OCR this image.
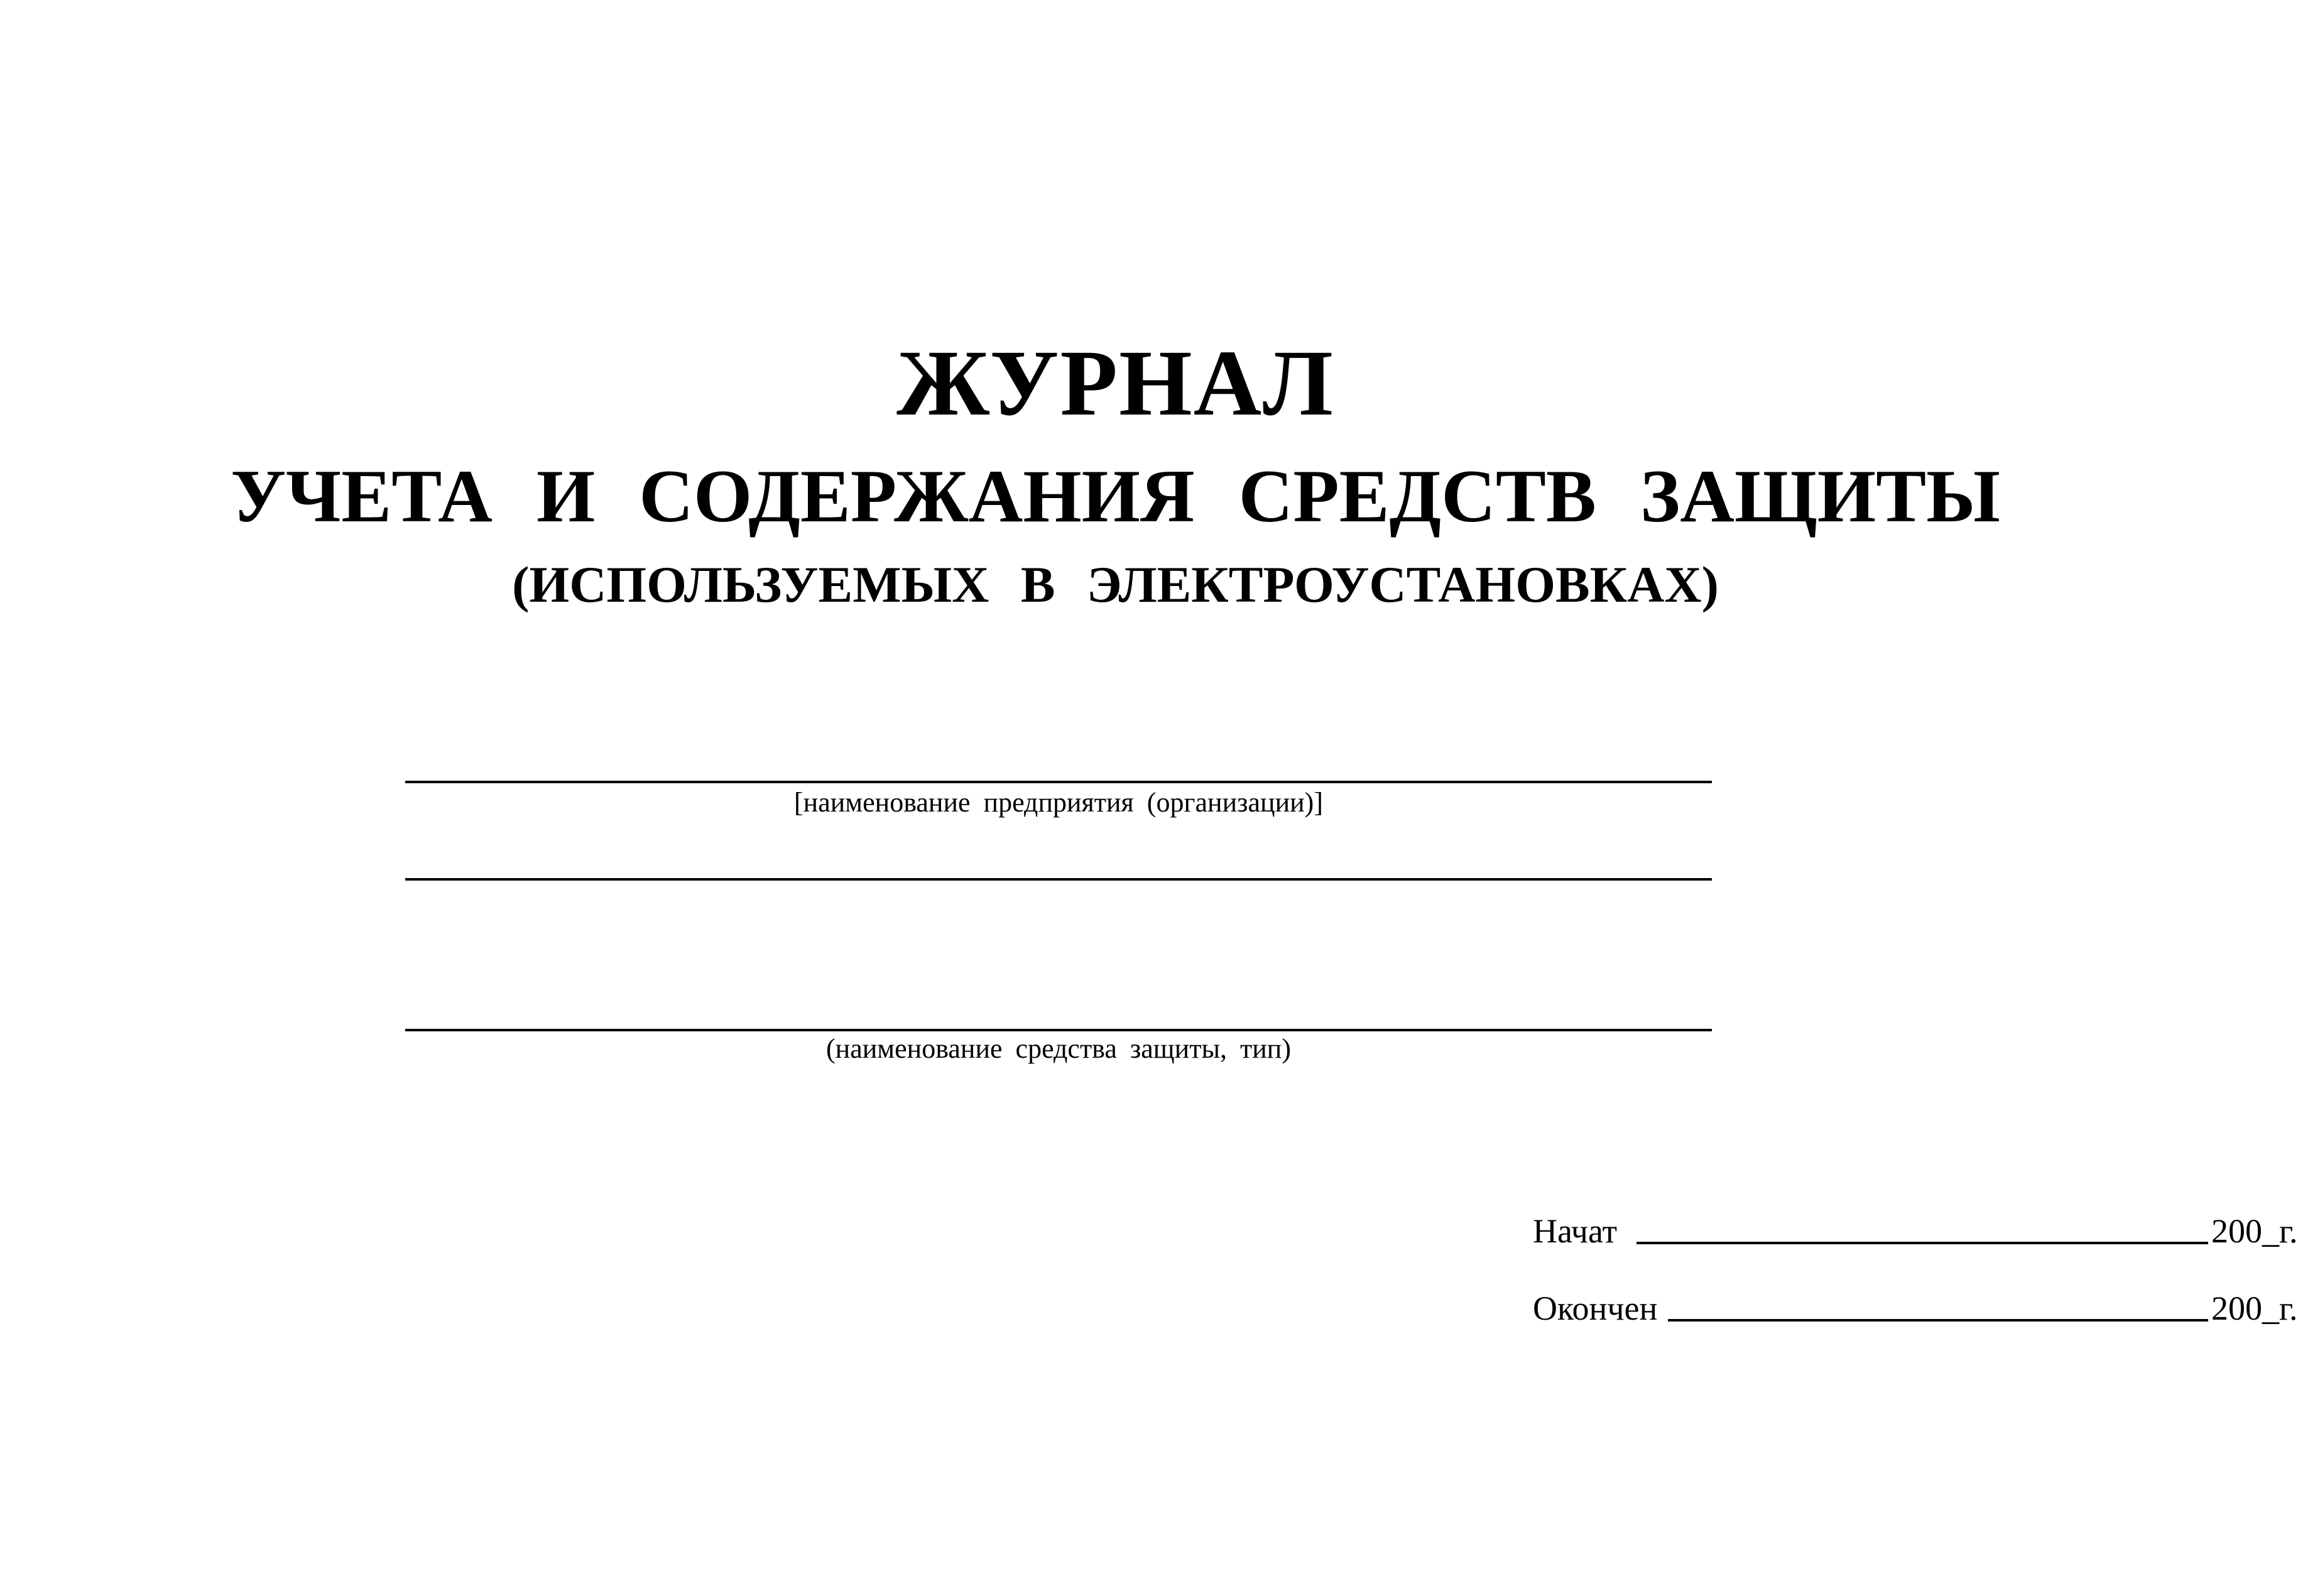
ЖУРНАЛ
УЧЕТА И СОДЕРЖАНИЯ СРЕДСТВ ЗАЩИТЫ
(ИСПОЛЬЗУЕМЫХ В ЭЛЕКТРОУСТАНОВКАХ)
[наименование предприятия (организации)]
(наименование средства защиты, тип)
Начат	200_г.
Окончен	200_г.
